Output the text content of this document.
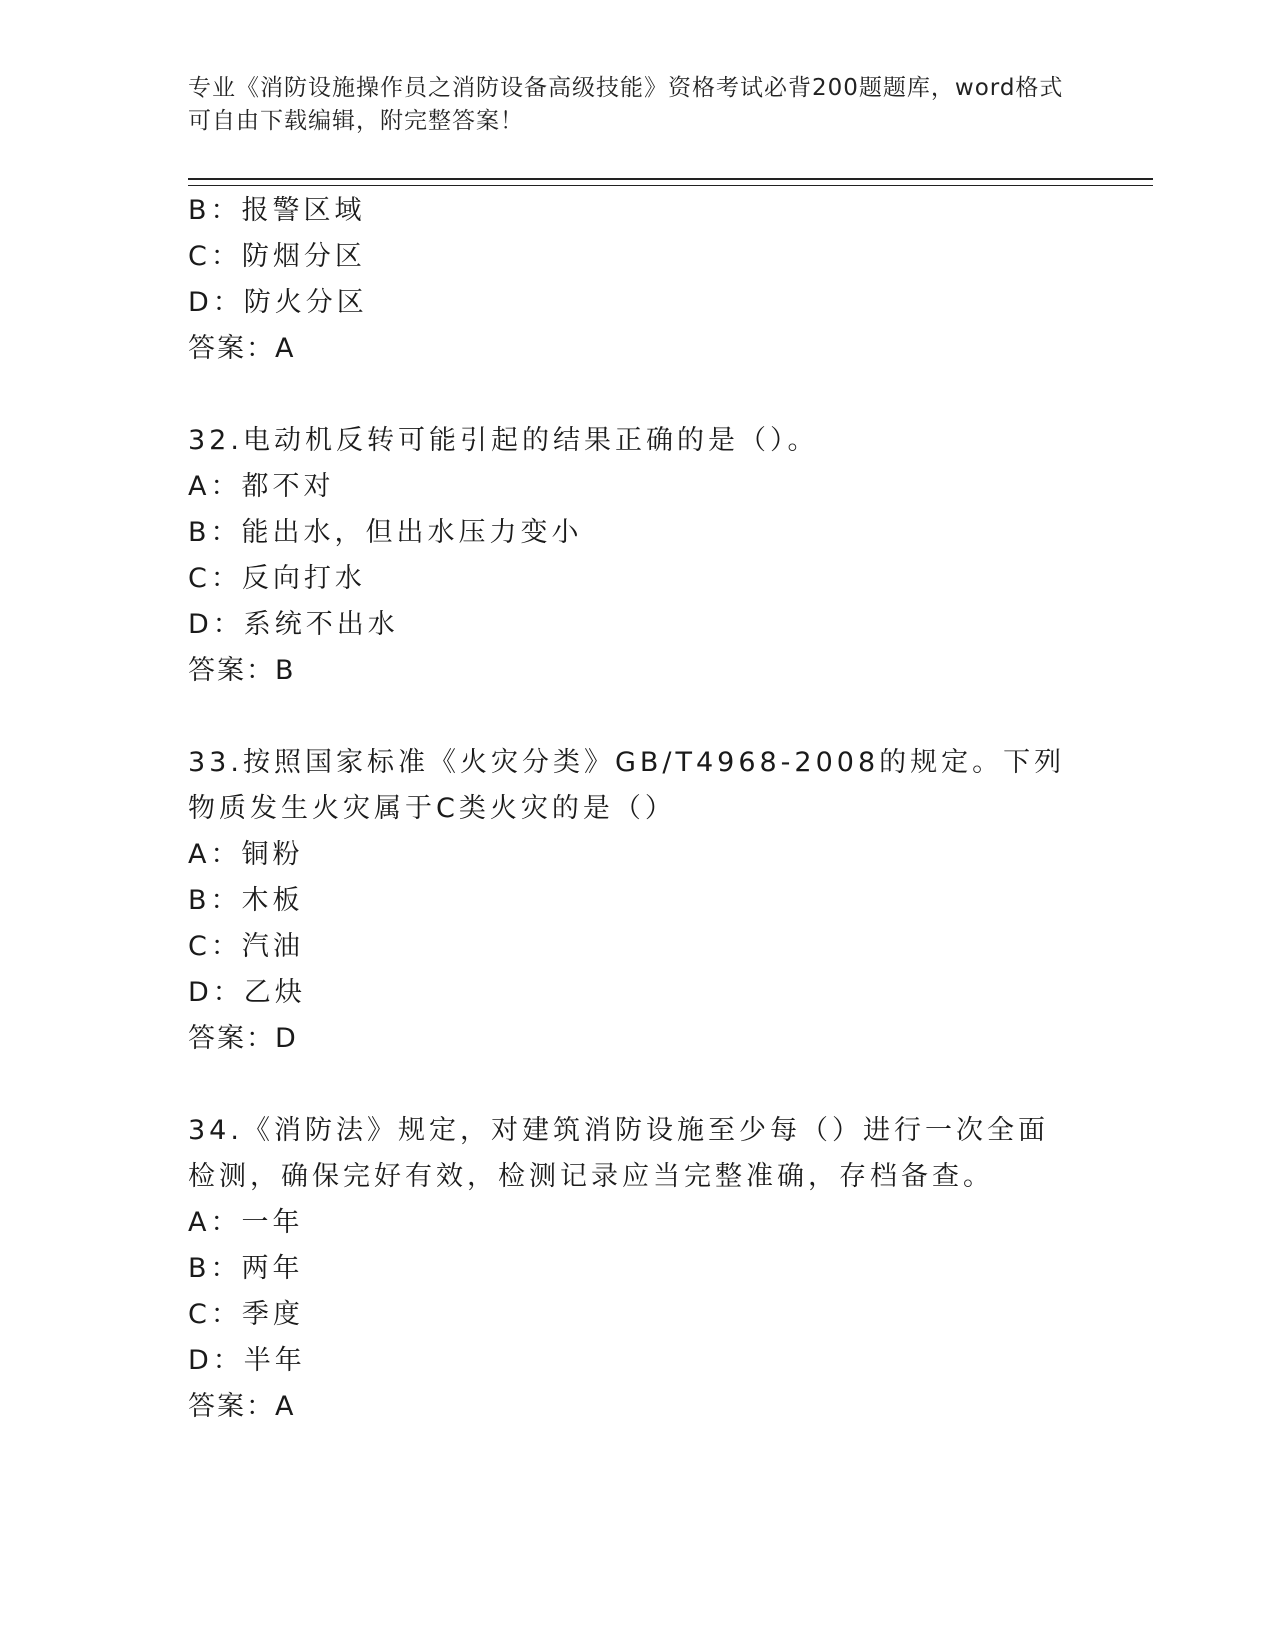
专业《消防设施操作员之消防设备高级技能》资格考试必背200题题库，word格式可自由下载编辑，附完整答案！
B：报警区域
C：防烟分区
D：防火分区
答案：A
32.电动机反转可能引起的结果正确的是（）。
A：都不对
B：能出水，但出水压力变小
C：反向打水
D：系统不出水
答案：B
33.按照国家标准《火灾分类》GB/T4968-2008的规定。下列物质发生火灾属于C类火灾的是（）
A：铜粉
B：木板
C：汽油
D：乙炔
答案：D
34.《消防法》规定，对建筑消防设施至少每（）进行一次全面检测，确保完好有效，检测记录应当完整准确，存档备查。
A：一年
B：两年
C：季度
D：半年
答案：A
